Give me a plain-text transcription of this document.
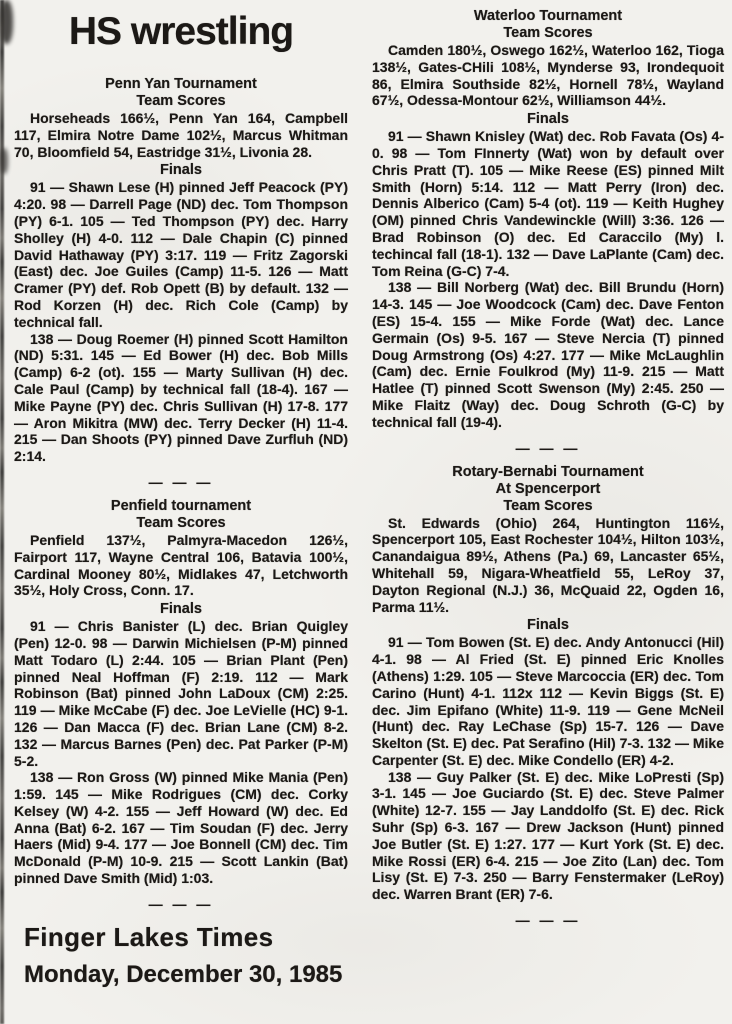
HS wrestling
Penn Yan Tournament
Team Scores

Horseheads 166½, Penn Yan 164, Campbell 117, Elmira Notre Dame 102½, Marcus Whitman 70, Bloomfield 54, Eastridge 31½, Livonia 28.

Finals

91 — Shawn Lese (H) pinned Jeff Peacock (PY) 4:20. 98 — Darrell Page (ND) dec. Tom Thompson (PY) 6-1. 105 — Ted Thompson (PY) dec. Harry Sholley (H) 4-0. 112 — Dale Chapin (C) pinned David Hathaway (PY) 3:17. 119 — Fritz Zagorski (East) dec. Joe Guiles (Camp) 11-5. 126 — Matt Cramer (PY) def. Rob Opett (B) by default. 132 — Rod Korzen (H) dec. Rich Cole (Camp) by technical fall.

138 — Doug Roemer (H) pinned Scott Hamilton (ND) 5:31. 145 — Ed Bower (H) dec. Bob Mills (Camp) 6-2 (ot). 155 — Marty Sullivan (H) dec. Cale Paul (Camp) by technical fall (18-4). 167 — Mike Payne (PY) dec. Chris Sullivan (H) 17-8. 177 — Aron Mikitra (MW) dec. Terry Decker (H) 11-4. 215 — Dan Shoots (PY) pinned Dave Zurfluh (ND) 2:14.

— — —
Penfield tournament
Team Scores

Penfield 137½, Palmyra-Macedon 126½, Fairport 117, Wayne Central 106, Batavia 100½, Cardinal Mooney 80½, Midlakes 47, Letchworth 35½, Holy Cross, Conn. 17.

Finals

91 — Chris Banister (L) dec. Brian Quigley (Pen) 12-0. 98 — Darwin Michielsen (P-M) pinned Matt Todaro (L) 2:44. 105 — Brian Plant (Pen) pinned Neal Hoffman (F) 2:19. 112 — Mark Robinson (Bat) pinned John LaDoux (CM) 2:25. 119 — Mike McCabe (F) dec. Joe LeVielle (HC) 9-1. 126 — Dan Macca (F) dec. Brian Lane (CM) 8-2. 132 — Marcus Barnes (Pen) dec. Pat Parker (P-M) 5-2.

138 — Ron Gross (W) pinned Mike Mania (Pen) 1:59. 145 — Mike Rodrigues (CM) dec. Corky Kelsey (W) 4-2. 155 — Jeff Howard (W) dec. Ed Anna (Bat) 6-2. 167 — Tim Soudan (F) dec. Jerry Haers (Mid) 9-4. 177 — Joe Bonnell (CM) dec. Tim McDonald (P-M) 10-9. 215 — Scott Lankin (Bat) pinned Dave Smith (Mid) 1:03.

— — —
Finger Lakes Times
Monday, December 30, 1985
Waterloo Tournament
Team Scores

Camden 180½, Oswego 162½, Waterloo 162, Tioga 138½, Gates-CHili 108½, Mynderse 93, Irondequoit 86, Elmira Southside 82½, Hornell 78½, Wayland 67½, Odessa-Montour 62½, Williamson 44½.

Finals

91 — Shawn Knisley (Wat) dec. Rob Favata (Os) 4-0. 98 — Tom FInnerty (Wat) won by default over Chris Pratt (T). 105 — Mike Reese (ES) pinned Milt Smith (Horn) 5:14. 112 — Matt Perry (Iron) dec. Dennis Alberico (Cam) 5-4 (ot). 119 — Keith Hughey (OM) pinned Chris Vandewinckle (Will) 3:36. 126 — Brad Robinson (O) dec. Ed Caraccilo (My) l. techincal fall (18-1). 132 — Dave LaPlante (Cam) dec. Tom Reina (G-C) 7-4.

138 — Bill Norberg (Wat) dec. Bill Brundu (Horn) 14-3. 145 — Joe Woodcock (Cam) dec. Dave Fenton (ES) 15-4. 155 — Mike Forde (Wat) dec. Lance Germain (Os) 9-5. 167 — Steve Nercia (T) pinned Doug Armstrong (Os) 4:27. 177 — Mike McLaughlin (Cam) dec. Ernie Foulkrod (My) 11-9. 215 — Matt Hatlee (T) pinned Scott Swenson (My) 2:45. 250 — Mike Flaitz (Way) dec. Doug Schroth (G-C) by technical fall (19-4).

— — —
Rotary-Bernabi Tournament
At Spencerport
Team Scores

St. Edwards (Ohio) 264, Huntington 116½, Spencerport 105, East Rochester 104½, Hilton 103½, Canandaigua 89½, Athens (Pa.) 69, Lancaster 65½, Whitehall 59, Nigara-Wheatfield 55, LeRoy 37, Dayton Regional (N.J.) 36, McQuaid 22, Ogden 16, Parma 11½.

Finals

91 — Tom Bowen (St. E) dec. Andy Antonucci (Hil) 4-1. 98 — Al Fried (St. E) pinned Eric Knolles (Athens) 1:29. 105 — Steve Marcoccia (ER) dec. Tom Carino (Hunt) 4-1. 112x 112 — Kevin Biggs (St. E) dec. Jim Epifano (White) 11-9. 119 — Gene McNeil (Hunt) dec. Ray LeChase (Sp) 15-7. 126 — Dave Skelton (St. E) dec. Pat Serafino (Hil) 7-3. 132 — Mike Carpenter (St. E) dec. Mike Condello (ER) 4-2.

138 — Guy Palker (St. E) dec. Mike LoPresti (Sp) 3-1. 145 — Joe Guciardo (St. E) dec. Steve Palmer (White) 12-7. 155 — Jay Landdolfo (St. E) dec. Rick Suhr (Sp) 6-3. 167 — Drew Jackson (Hunt) pinned Joe Butler (St. E) 1:27. 177 — Kurt York (St. E) dec. Mike Rossi (ER) 6-4. 215 — Joe Zito (Lan) dec. Tom Lisy (St. E) 7-3. 250 — Barry Fenstermaker (LeRoy) dec. Warren Brant (ER) 7-6.

— — —
